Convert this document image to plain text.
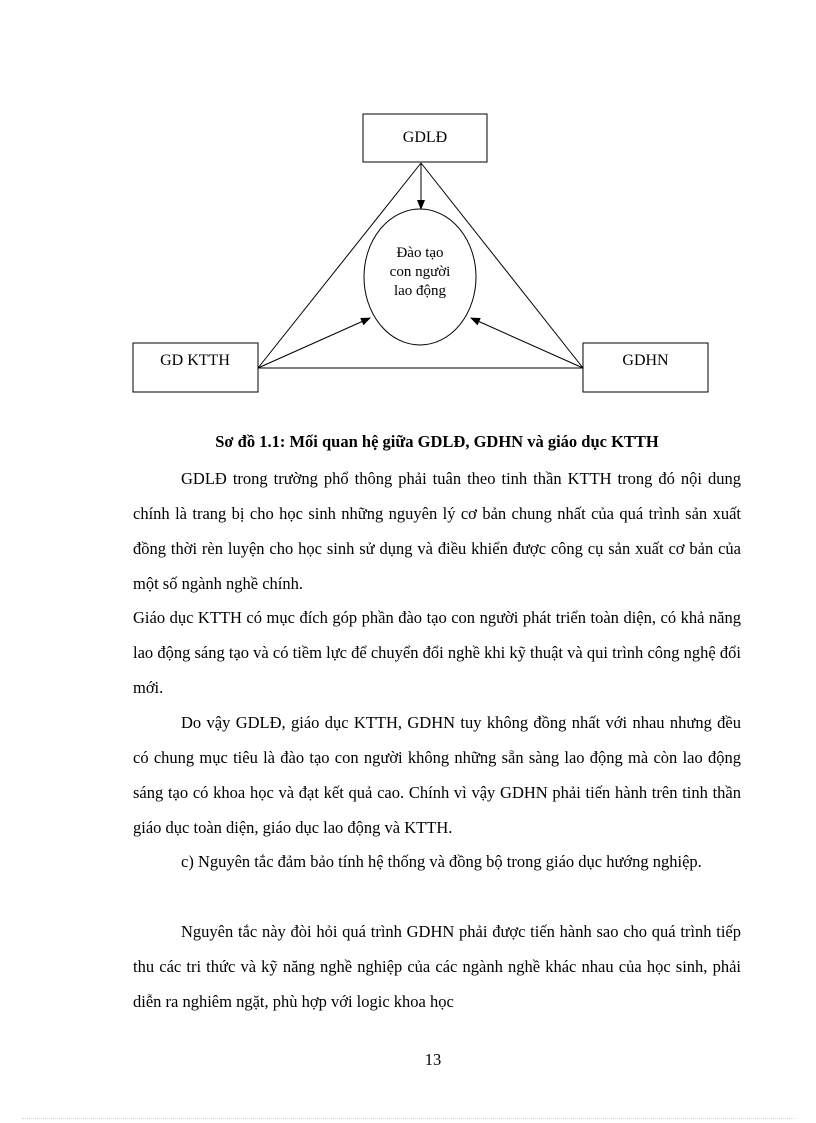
GDLĐ
GD KTTH	GDHN
Đào tạo
con người
lao động
Sơ đồ 1.1: Mối quan hệ giữa GDLĐ, GDHN và giáo dục KTTH
GDLĐ trong trường phổ thông phải tuân theo tinh thần KTTH trong đó nội dung chính là trang bị cho học sinh những nguyên lý cơ bản chung nhất của quá trình sản xuất đồng thời rèn luyện cho học sinh sử dụng và điều khiển được công cụ sản xuất cơ bản của một số ngành nghề chính.
Giáo dục KTTH có mục đích góp phần đào tạo con người phát triển toàn diện, có khả năng lao động sáng tạo và có tiềm lực để chuyển đổi nghề khi kỹ thuật và qui trình công nghệ đổi mới.
Do vậy GDLĐ, giáo dục KTTH, GDHN tuy không đồng nhất với nhau nhưng đều có chung mục tiêu là đào tạo con người không những sẵn sàng lao động mà còn lao động sáng tạo có khoa học và đạt kết quả cao. Chính vì vậy GDHN phải tiến hành trên tinh thần giáo dục toàn diện, giáo dục lao động và KTTH.
c) Nguyên tắc đảm bảo tính hệ thống và đồng bộ trong giáo dục hướng nghiệp.
Nguyên tắc này đòi hỏi quá trình GDHN phải được tiến hành sao cho quá trình tiếp thu các tri thức và kỹ năng nghề nghiệp của các ngành nghề khác nhau của học sinh, phải diễn ra nghiêm ngặt, phù hợp với logic khoa học
13
